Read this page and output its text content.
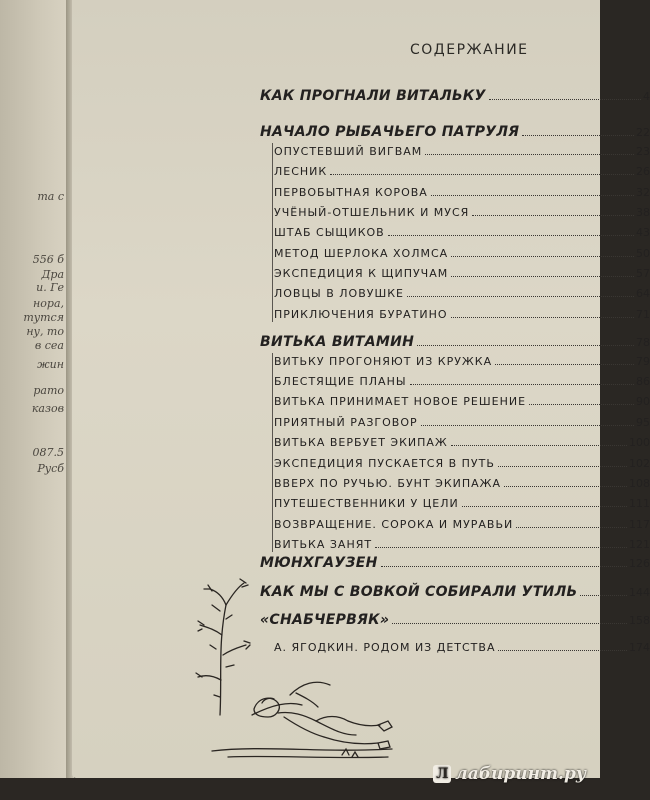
та с
556 б
Дра
и. Ге
нора,
тутся
ну, то
в сеа
жин
рато
казов
087.5
Русб
СОДЕРЖАНИЕ
КАК ПРОГНАЛИ ВИТАЛЬКУ	4
НАЧАЛО РЫБАЧЬЕГО ПАТРУЛЯ	22
ОПУСТЕВШИЙ ВИГВАМ	23
ЛЕСНИК	26
ПЕРВОБЫТНАЯ КОРОВА	32
УЧЁНЫЙ-ОТШЕЛЬНИК И МУСЯ	38
ШТАБ СЫЩИКОВ	43
МЕТОД ШЕРЛОКА ХОЛМСА	50
ЭКСПЕДИЦИЯ К ЩИПУЧАМ	57
ЛОВЦЫ В ЛОВУШКЕ	64
ПРИКЛЮЧЕНИЯ БУРАТИНО	71
ВИТЬКА ВИТАМИН	78
ВИТЬКУ ПРОГОНЯЮТ ИЗ КРУЖКА	79
БЛЕСТЯЩИЕ ПЛАНЫ	86
ВИТЬКА ПРИНИМАЕТ НОВОЕ РЕШЕНИЕ	90
ПРИЯТНЫЙ РАЗГОВОР	95
ВИТЬКА ВЕРБУЕТ ЭКИПАЖ	100
ЭКСПЕДИЦИЯ ПУСКАЕТСЯ В ПУТЬ	102
ВВЕРХ ПО РУЧЬЮ. БУНТ ЭКИПАЖА	108
ПУТЕШЕСТВЕННИКИ У ЦЕЛИ	111
ВОЗВРАЩЕНИЕ. СОРОКА И МУРАВЬИ	117
ВИТЬКА ЗАНЯТ	121
МЮНХГАУЗЕН	126
КАК МЫ С ВОВКОЙ СОБИРАЛИ УТИЛЬ	144
«СНАБЧЕРВЯК»	158
А. ЯГОДКИН. РОДОМ ИЗ ДЕТСТВА	174
Л лабиринт.ру
